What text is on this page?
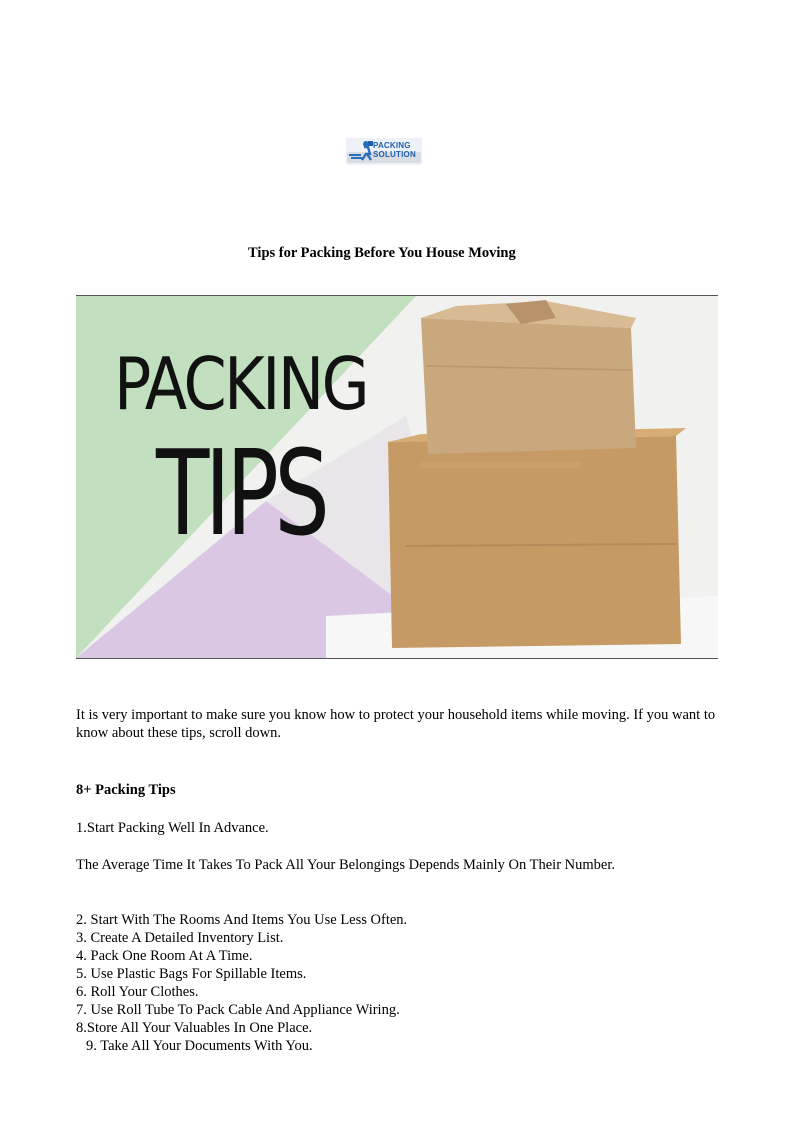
PACKING
SOLUTION
Tips for Packing Before You House Moving
PACKING
TIPS

It is very important to make sure you know how to protect your household items while moving. If you want to know about these tips, scroll down.

8+ Packing Tips

1.Start Packing Well In Advance.

The Average Time It Takes To Pack All Your Belongings Depends Mainly On Their Number.

2. Start With The Rooms And Items You Use Less Often.
3. Create A Detailed Inventory List.
4. Pack One Room At A Time.
5. Use Plastic Bags For Spillable Items.
6. Roll Your Clothes.
7. Use Roll Tube To Pack Cable And Appliance Wiring.
8.Store All Your Valuables In One Place.
9. Take All Your Documents With You.
